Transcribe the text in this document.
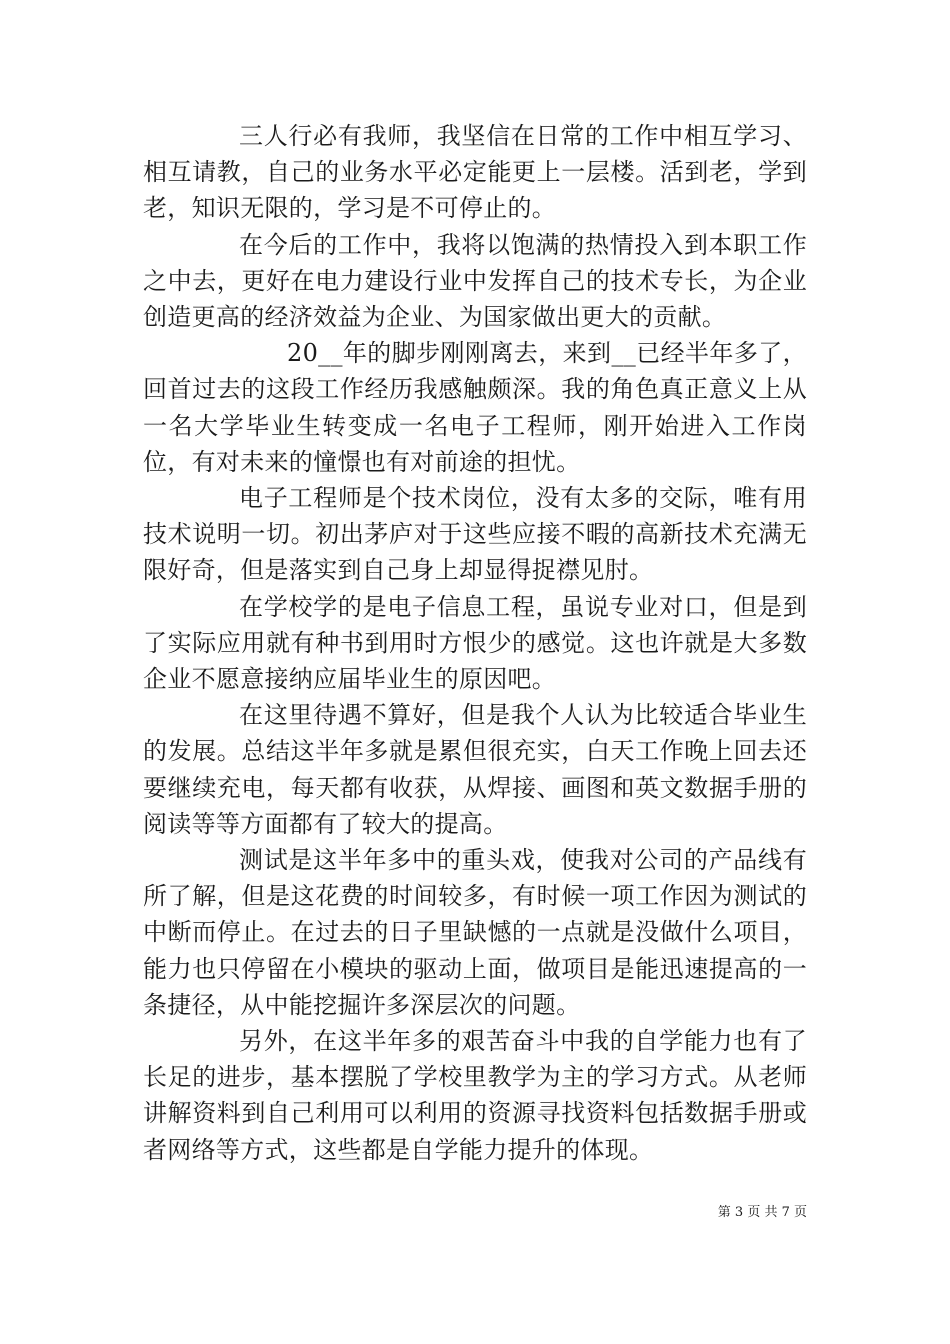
三人行必有我师，我坚信在日常的工作中相互学习、相互请教，自己的业务水平必定能更上一层楼。活到老，学到老，知识无限的，学习是不可停止的。

在今后的工作中，我将以饱满的热情投入到本职工作之中去，更好在电力建设行业中发挥自己的技术专长，为企业创造更高的经济效益为企业、为国家做出更大的贡献。

20__年的脚步刚刚离去，来到__已经半年多了，回首过去的这段工作经历我感触颇深。我的角色真正意义上从一名大学毕业生转变成一名电子工程师，刚开始进入工作岗位，有对未来的憧憬也有对前途的担忧。

电子工程师是个技术岗位，没有太多的交际，唯有用技术说明一切。初出茅庐对于这些应接不暇的高新技术充满无限好奇，但是落实到自己身上却显得捉襟见肘。

在学校学的是电子信息工程，虽说专业对口，但是到了实际应用就有种书到用时方恨少的感觉。这也许就是大多数企业不愿意接纳应届毕业生的原因吧。

在这里待遇不算好，但是我个人认为比较适合毕业生的发展。总结这半年多就是累但很充实，白天工作晚上回去还要继续充电，每天都有收获，从焊接、画图和英文数据手册的阅读等等方面都有了较大的提高。

测试是这半年多中的重头戏，使我对公司的产品线有所了解，但是这花费的时间较多，有时候一项工作因为测试的中断而停止。在过去的日子里缺憾的一点就是没做什么项目，能力也只停留在小模块的驱动上面，做项目是能迅速提高的一条捷径，从中能挖掘许多深层次的问题。

另外，在这半年多的艰苦奋斗中我的自学能力也有了长足的进步，基本摆脱了学校里教学为主的学习方式。从老师讲解资料到自己利用可以利用的资源寻找资料包括数据手册或者网络等方式，这些都是自学能力提升的体现。

第 3 页 共 7 页
